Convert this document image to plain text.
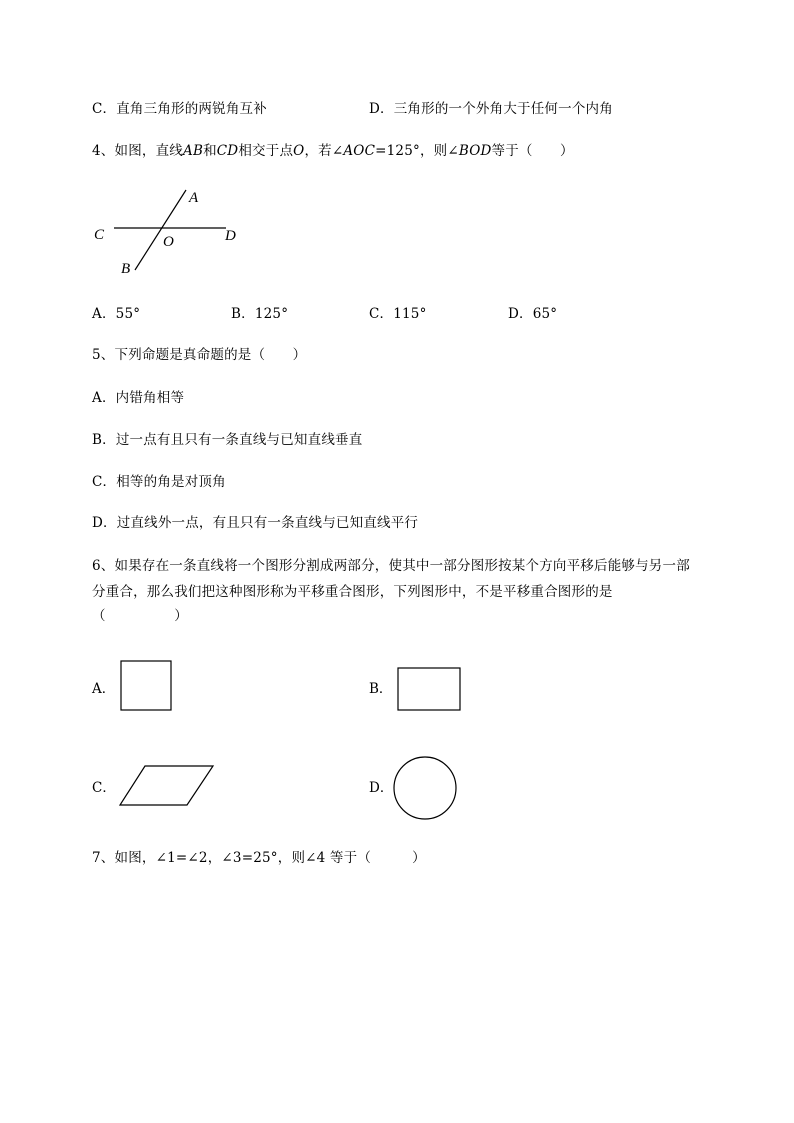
C．直角三角形的两锐角互补	D．三角形的一个外角大于任何一个内角
4、如图，直线AB和CD相交于点O，若∠AOC=125°，则∠BOD等于（　　）
A
C	O	D
B
A．55°	B．125°	C．115°	D．65°
5、下列命题是真命题的是（　　）
A．内错角相等
B．过一点有且只有一条直线与已知直线垂直
C．相等的角是对顶角
D．过直线外一点，有且只有一条直线与已知直线平行
6、如果存在一条直线将一个图形分割成两部分，使其中一部分图形按某个方向平移后能够与另一部
分重合，那么我们把这种图形称为平移重合图形，下列图形中，不是平移重合图形的是
（　　　　　）
A．	B．
C．	D．
7、如图，∠1=∠2，∠3=25°，则∠4 等于（　　　）
